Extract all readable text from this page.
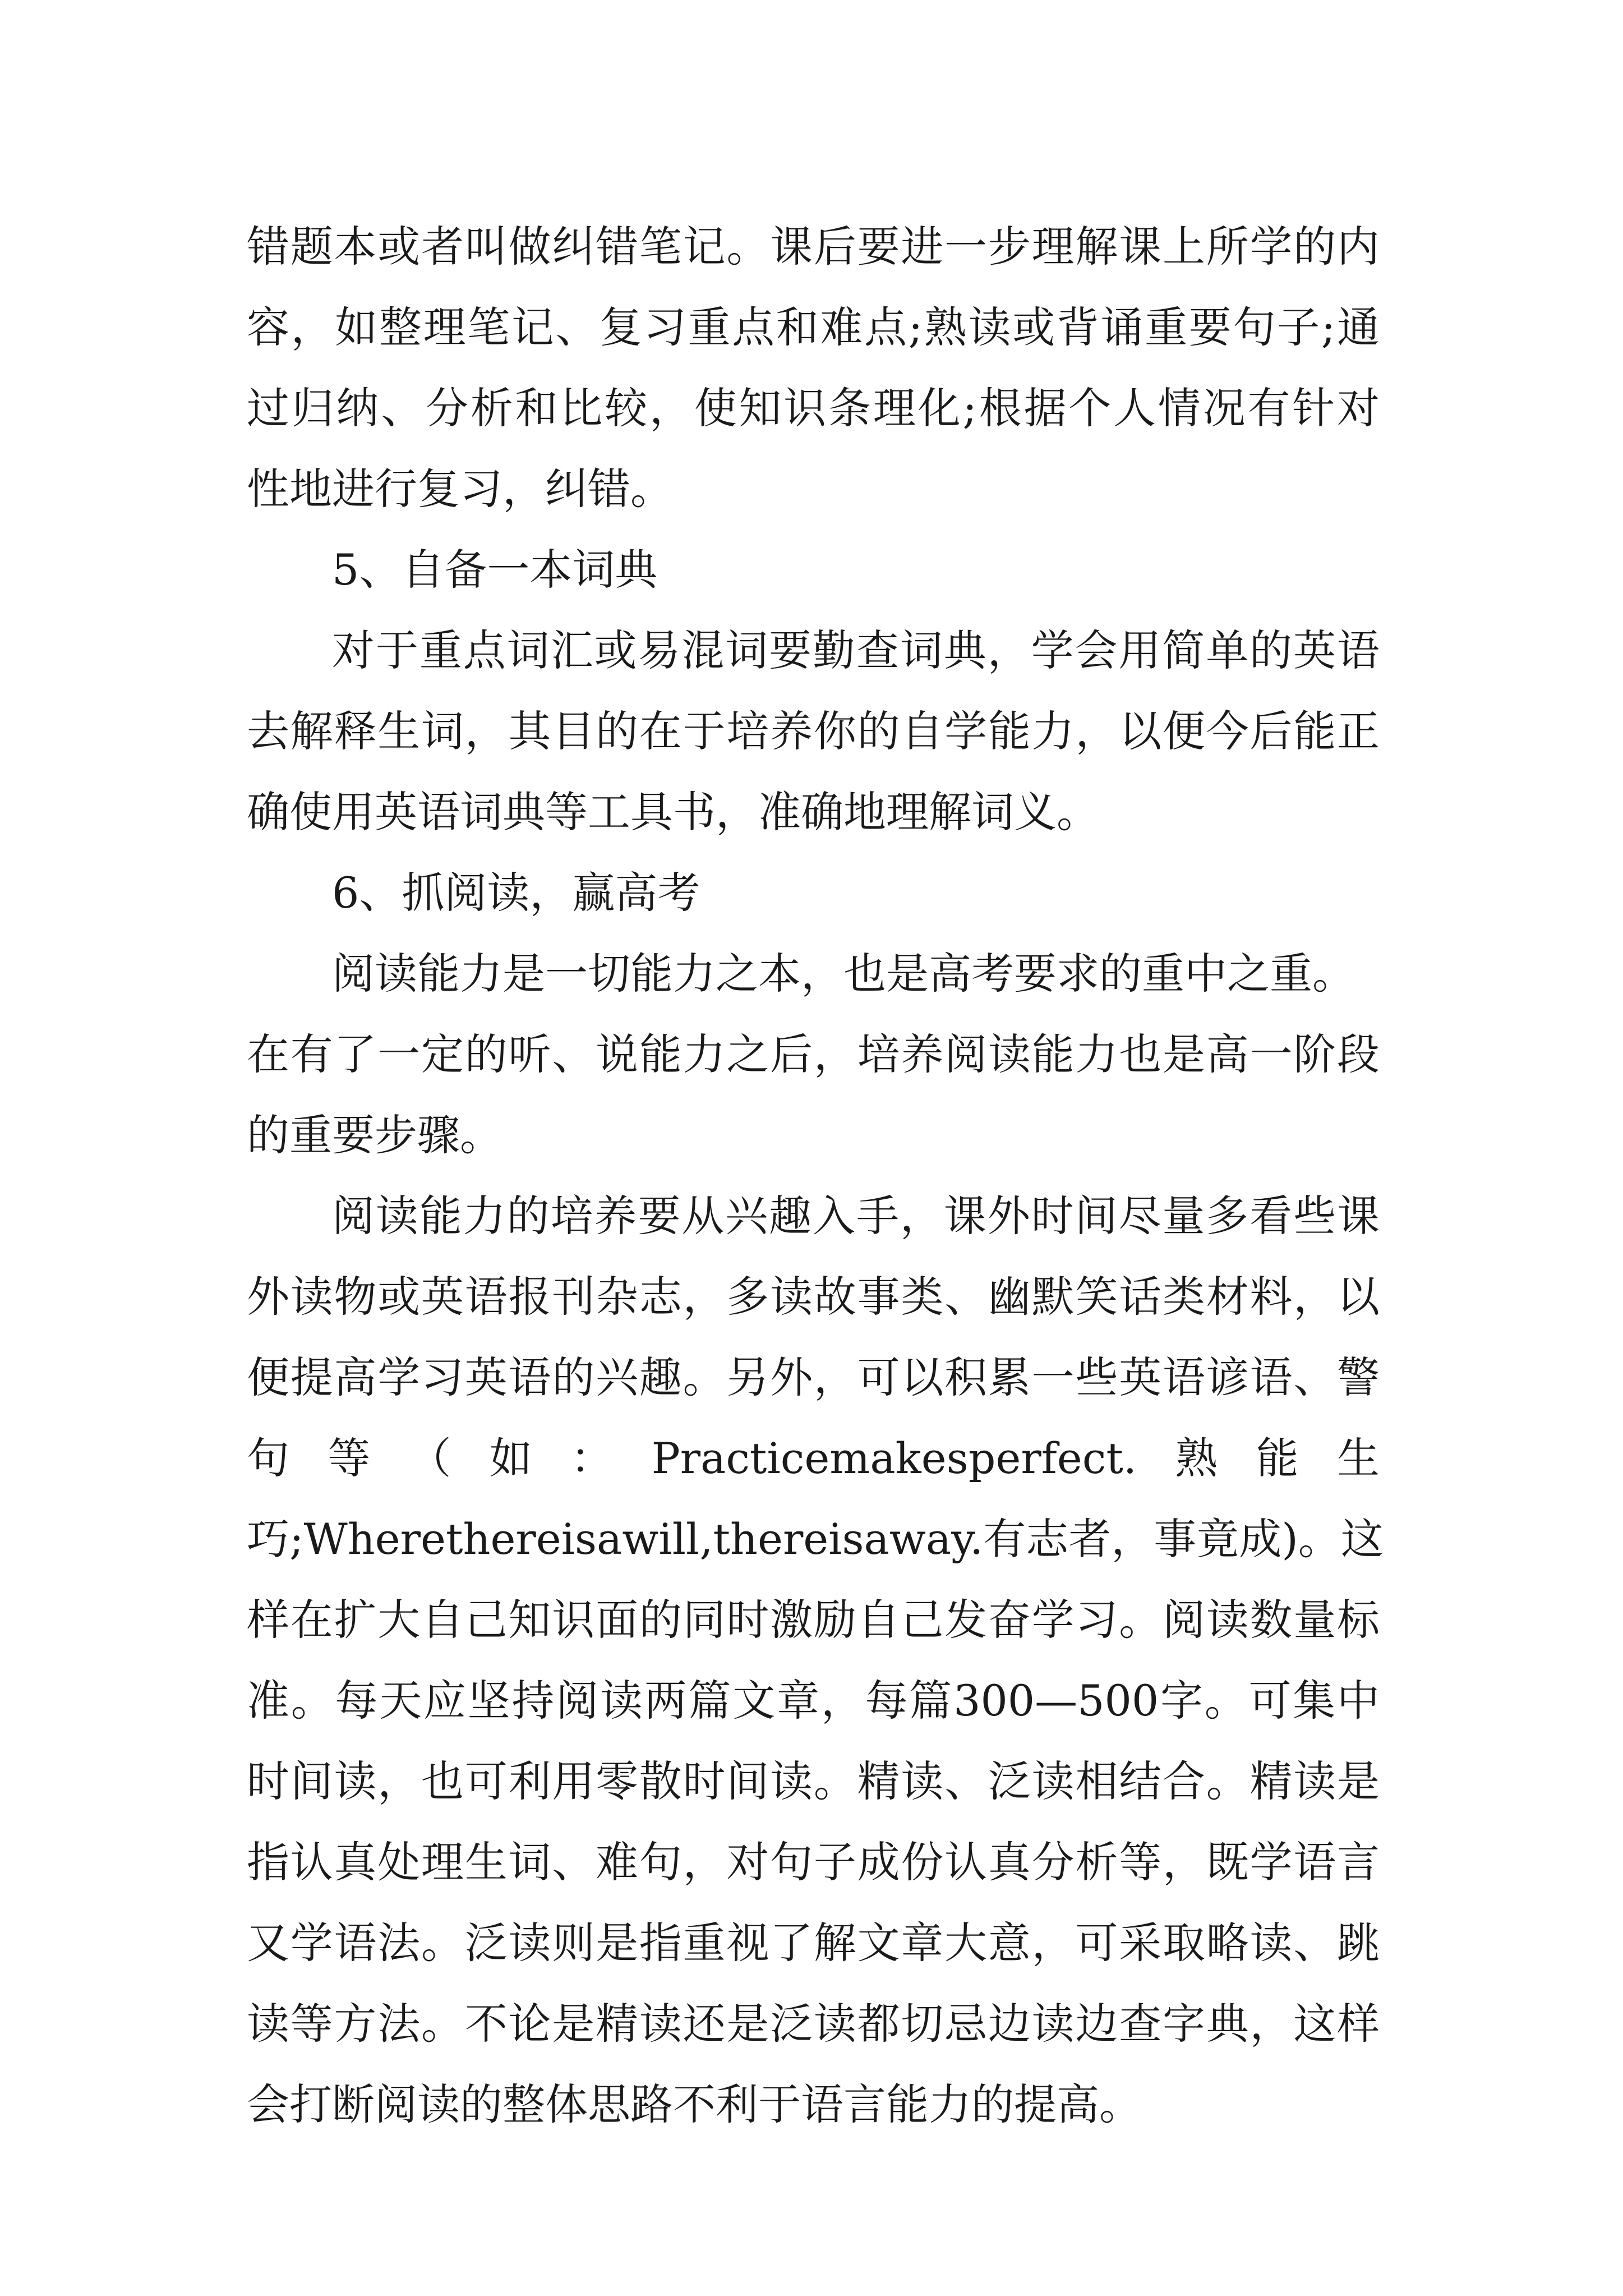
错题本或者叫做纠错笔记。课后要进一步理解课上所学的内
容，如整理笔记、复习重点和难点;熟读或背诵重要句子;通
过归纳、分析和比较，使知识条理化;根据个人情况有针对
性地进行复习，纠错。
5、自备一本词典
对于重点词汇或易混词要勤查词典，学会用简单的英语
去解释生词，其目的在于培养你的自学能力，以便今后能正
确使用英语词典等工具书，准确地理解词义。
6、抓阅读，赢高考
阅读能力是一切能力之本，也是高考要求的重中之重。
在有了一定的听、说能力之后，培养阅读能力也是高一阶段
的重要步骤。
阅读能力的培养要从兴趣入手，课外时间尽量多看些课
外读物或英语报刊杂志，多读故事类、幽默笑话类材料，以
便提高学习英语的兴趣。另外，可以积累一些英语谚语、警
句 等 （ 如 ： Practicemakesperfect. 熟 能 生
巧;Wherethereisawill,thereisaway.有志者，事竟成)。这
样在扩大自己知识面的同时激励自己发奋学习。阅读数量标
准。每天应坚持阅读两篇文章，每篇300—500字。可集中
时间读，也可利用零散时间读。精读、泛读相结合。精读是
指认真处理生词、难句，对句子成份认真分析等，既学语言
又学语法。泛读则是指重视了解文章大意，可采取略读、跳
读等方法。不论是精读还是泛读都切忌边读边查字典，这样
会打断阅读的整体思路不利于语言能力的提高。
